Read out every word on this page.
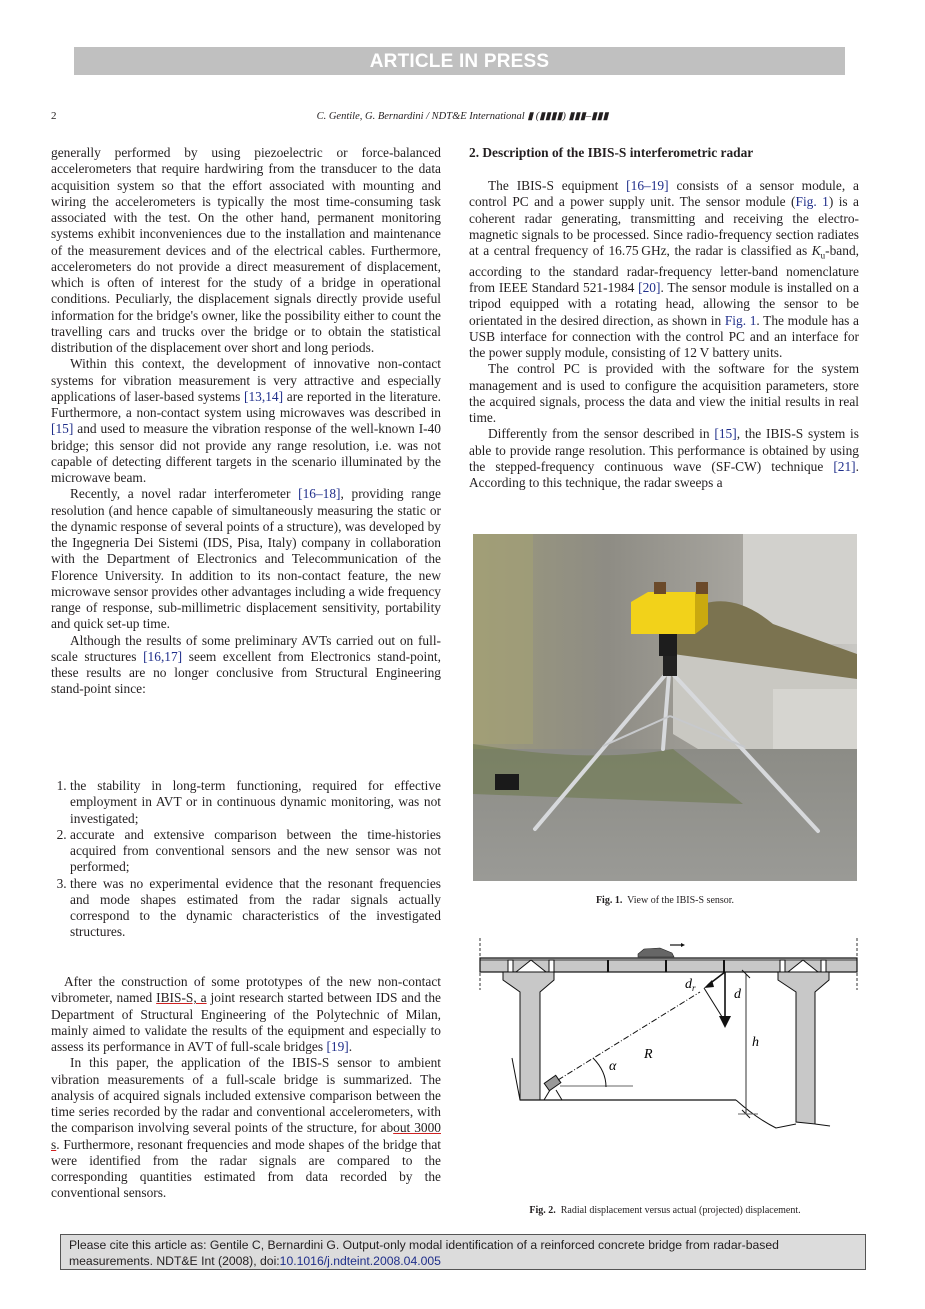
ARTICLE IN PRESS
2	C. Gentile, G. Bernardini / NDT&E International ▮ (▮▮▮▮) ▮▮▮–▮▮▮

generally performed by using piezoelectric or force-balanced accelerometers that require hardwiring from the transducer to the data acquisition system so that the effort associated with mounting and wiring the accelerometers is typically the most time-consuming task associated with the test. On the other hand, permanent monitoring systems exhibit inconveniences due to the installation and maintenance of the measurement devices and of the electrical cables. Furthermore, accelerometers do not provide a direct measurement of displacement, which is often of interest for the study of a bridge in operational conditions. Peculiarly, the displacement signals directly provide useful information for the bridge's owner, like the possibility either to count the travelling cars and trucks over the bridge or to obtain the statistical distribution of the displacement over short and long periods.

Within this context, the development of innovative non-contact systems for vibration measurement is very attractive and especially applications of laser-based systems [13,14] are reported in the literature. Furthermore, a non-contact system using microwaves was described in [15] and used to measure the vibration response of the well-known I-40 bridge; this sensor did not provide any range resolution, i.e. was not capable of detecting different targets in the scenario illuminated by the microwave beam.

Recently, a novel radar interferometer [16–18], providing range resolution (and hence capable of simultaneously measuring the static or the dynamic response of several points of a structure), was developed by the Ingegneria Dei Sistemi (IDS, Pisa, Italy) company in collaboration with the Department of Electronics and Telecommunication of the Florence University. In addition to its non-contact feature, the new microwave sensor provides other advantages including a wide frequency range of response, sub-millimetric displacement sensitivity, portability and quick set-up time.

Although the results of some preliminary AVTs carried out on full-scale structures [16,17] seem excellent from Electronics stand-point, these results are no longer conclusive from Structural Engineering stand-point since:

1. the stability in long-term functioning, required for effective employment in AVT or in continuous dynamic monitoring, was not investigated;
2. accurate and extensive comparison between the time-histories acquired from conventional sensors and the new sensor was not performed;
3. there was no experimental evidence that the resonant frequencies and mode shapes estimated from the radar signals actually correspond to the dynamic characteristics of the investigated structures.

After the construction of some prototypes of the new non-contact vibrometer, named IBIS-S, a joint research started between IDS and the Department of Structural Engineering of the Polytechnic of Milan, mainly aimed to validate the results of the equipment and especially to assess its performance in AVT of full-scale bridges [19].

In this paper, the application of the IBIS-S sensor to ambient vibration measurements of a full-scale bridge is summarized. The analysis of acquired signals included extensive comparison between the time series recorded by the radar and conventional accelerometers, with the comparison involving several points of the structure, for about 3000 s. Furthermore, resonant frequencies and mode shapes of the bridge that were identified from the radar signals are compared to the corresponding quantities estimated from data recorded by the conventional sensors.

2. Description of the IBIS-S interferometric radar

The IBIS-S equipment [16–19] consists of a sensor module, a control PC and a power supply unit. The sensor module (Fig. 1) is a coherent radar generating, transmitting and receiving the electro-magnetic signals to be processed. Since radio-frequency section radiates at a central frequency of 16.75 GHz, the radar is classified as $K_u$-band, according to the standard radar-frequency letter-band nomenclature from IEEE Standard 521-1984 [20]. The sensor module is installed on a tripod equipped with a rotating head, allowing the sensor to be orientated in the desired direction, as shown in Fig. 1. The module has a USB interface for connection with the control PC and an interface for the power supply module, consisting of 12 V battery units.

The control PC is provided with the software for the system management and is used to configure the acquisition parameters, store the acquired signals, process the data and view the initial results in real time.

Differently from the sensor described in [15], the IBIS-S system is able to provide range resolution. This performance is obtained by using the stepped-frequency continuous wave (SF-CW) technique [21]. According to this technique, the radar sweeps a

Fig. 1. View of the IBIS-S sensor.
α
R
d
$d_r$
h
Fig. 2. Radial displacement versus actual (projected) displacement.
Please cite this article as: Gentile C, Bernardini G. Output-only modal identification of a reinforced concrete bridge from radar-based measurements. NDT&E Int (2008), doi:10.1016/j.ndteint.2008.04.005
